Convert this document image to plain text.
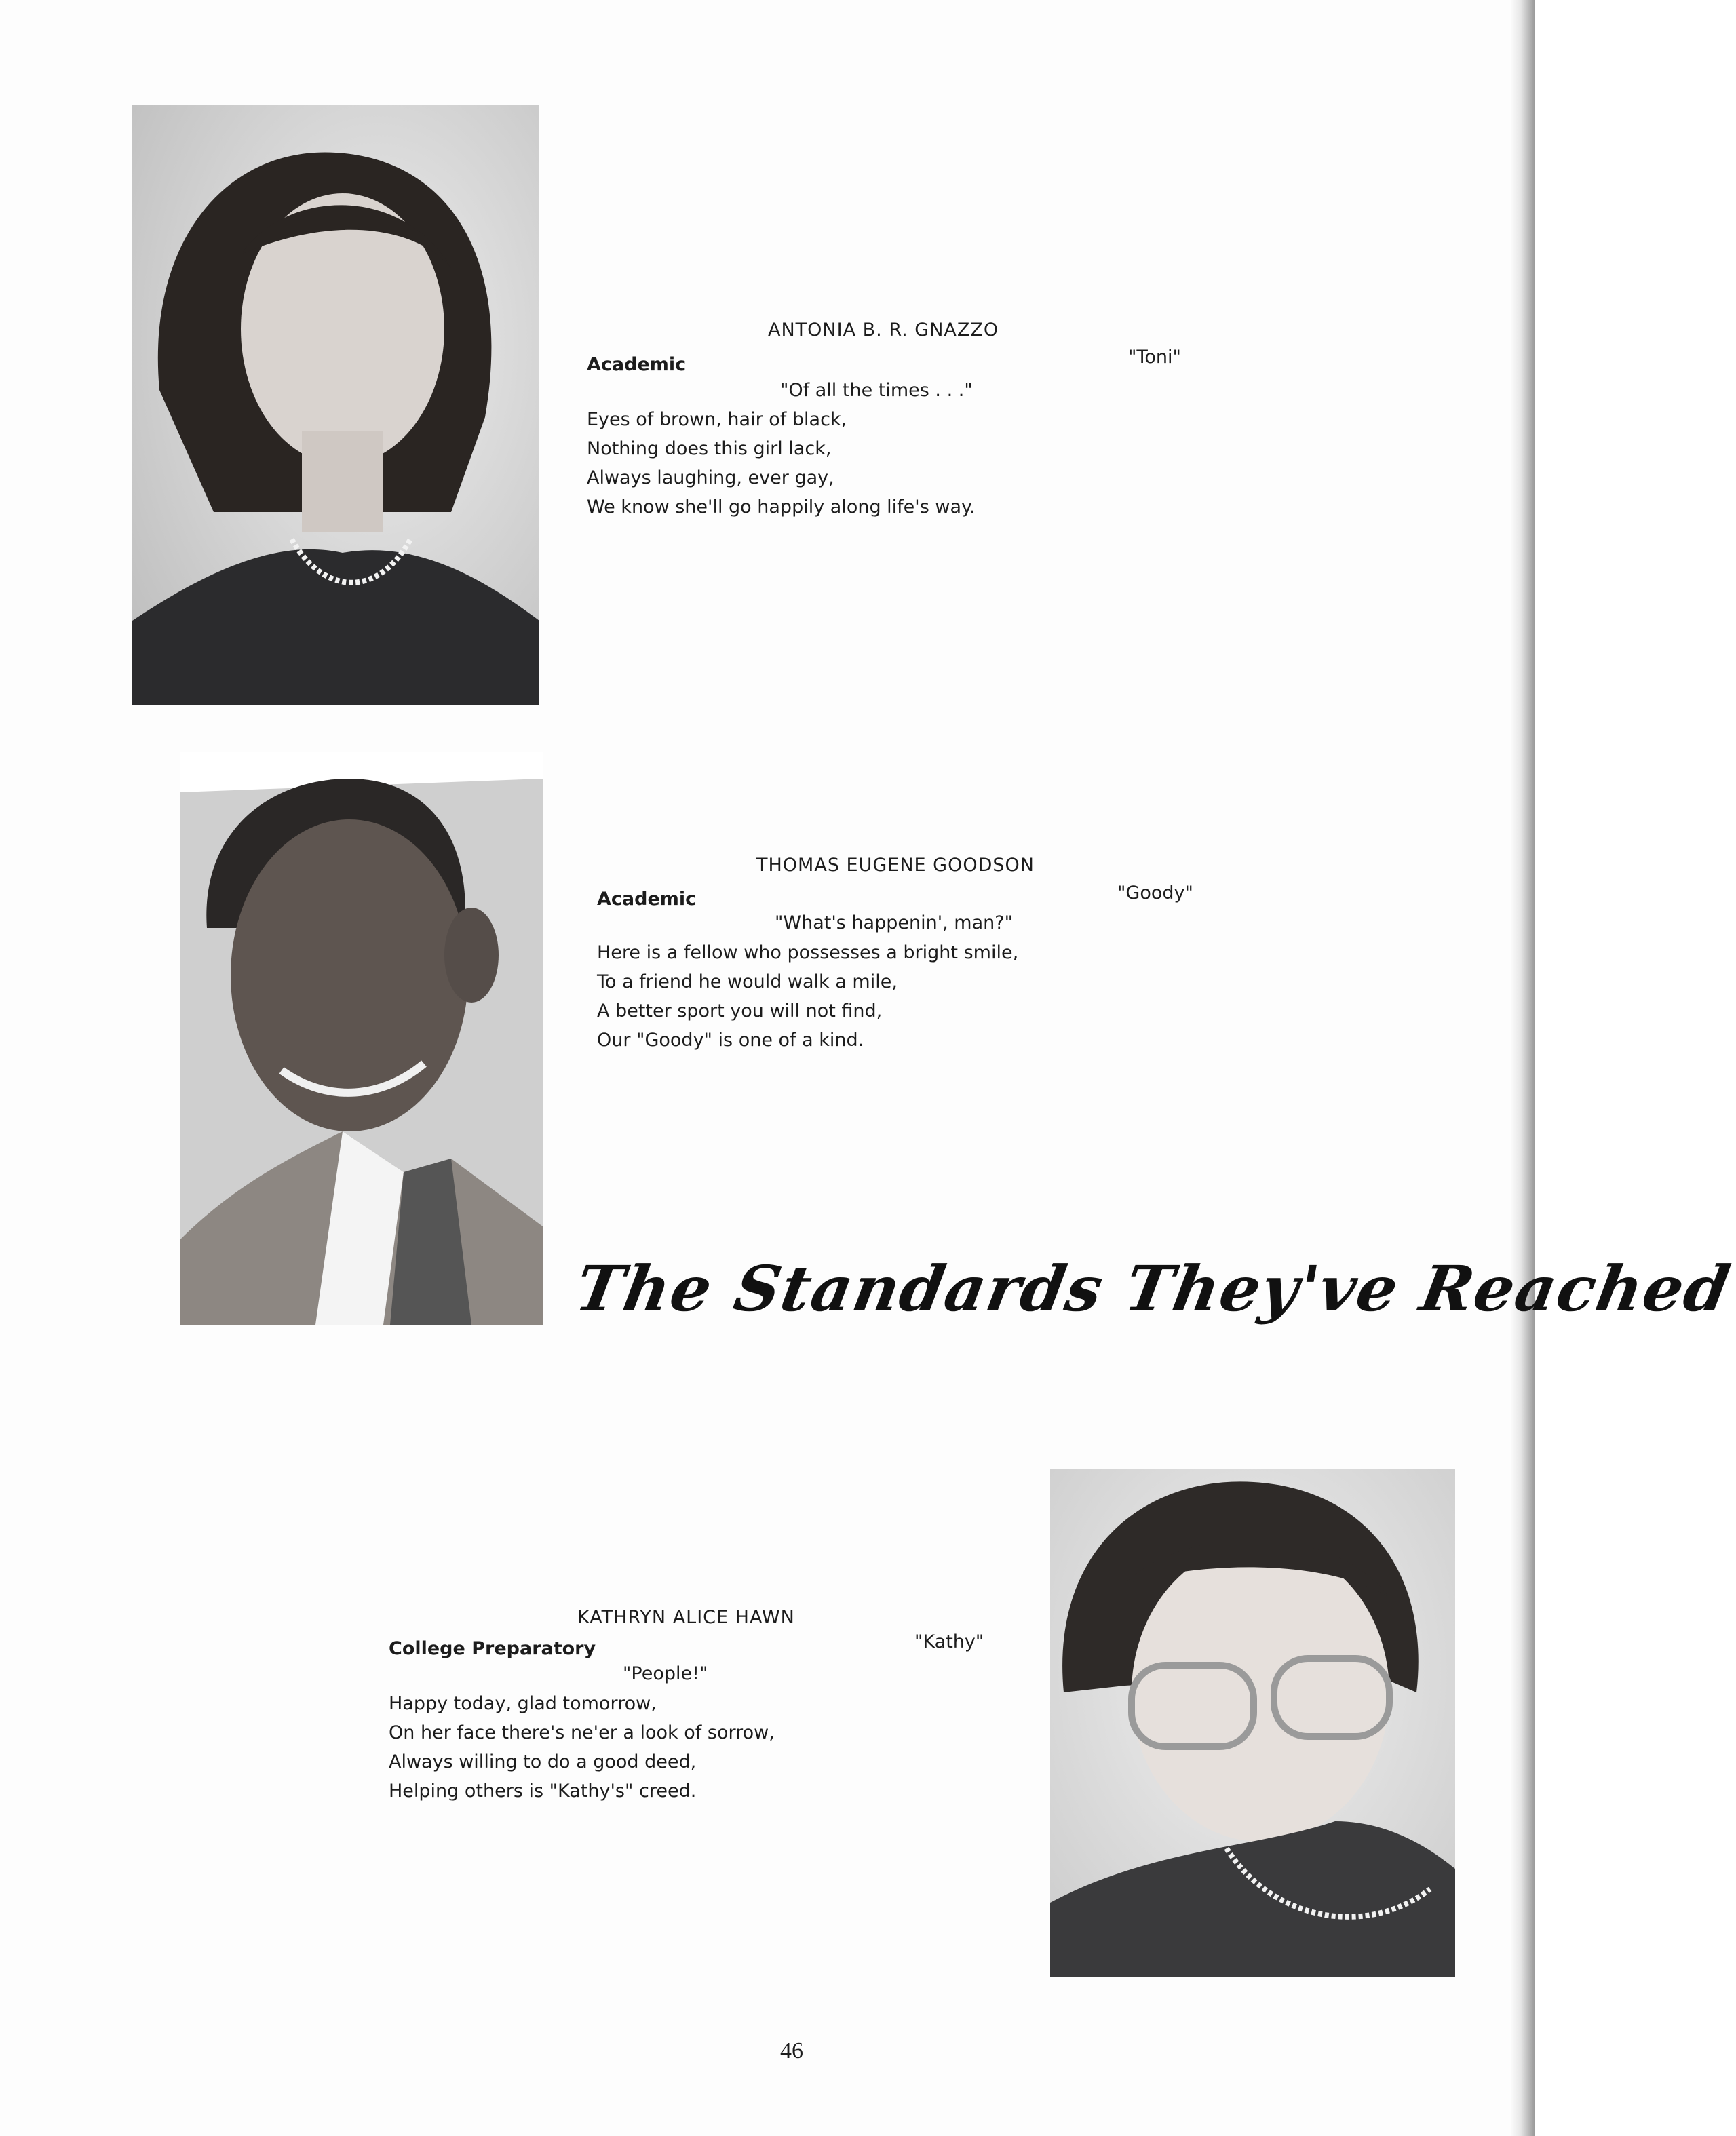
ANTONIA B. R. GNAZZO
Academic	"Toni"
"Of all the times . . ."
Eyes of brown, hair of black,
Nothing does this girl lack,
Always laughing, ever gay,
We know she'll go happily along life's way.
THOMAS EUGENE GOODSON
Academic	"Goody"
"What's happenin', man?"
Here is a fellow who possesses a bright smile,
To a friend he would walk a mile,
A better sport you will not find,
Our "Goody" is one of a kind.
The Standards They've Reached
KATHRYN ALICE HAWN
College Preparatory	"Kathy"
"People!"
Happy today, glad tomorrow,
On her face there's ne'er a look of sorrow,
Always willing to do a good deed,
Helping others is "Kathy's" creed.
46
